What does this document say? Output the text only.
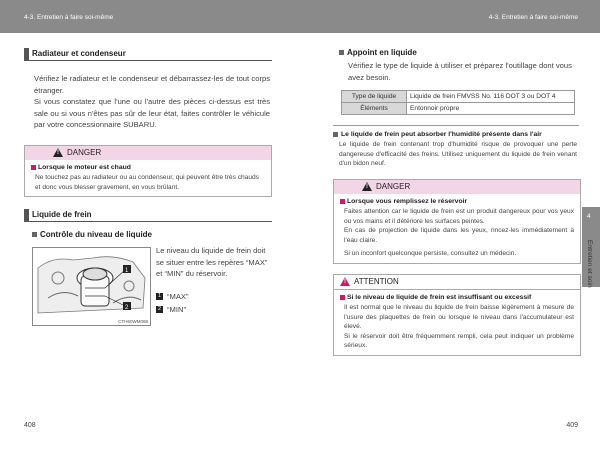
4-3. Entretien à faire soi-même	4-3. Entretien à faire soi-même
Radiateur et condenseur
Vérifiez le radiateur et le condenseur et débarrassez-les de tout corps étranger.
Si vous constatez que l'une ou l'autre des pièces ci-dessus est très sale ou si vous n'êtes pas sûr de leur état, faites contrôler le véhicule par votre concessionnaire SUBARU.
! DANGER
Lorsque le moteur est chaud
Ne touchez pas au radiateur ou au condenseur, qui peuvent être très chauds et donc vous blesser gravement, en vous brûlant.
Liquide de frein
Contrôle du niveau de liquide
1
2
CTH60WM088
Le niveau du liquide de frein doit se situer entre les repères “MAX” et “MIN” du réservoir.
1 “MAX”
2 “MIN”
408
Appoint en liquide
Vérifiez le type de liquide à utiliser et préparez l'outillage dont vous avez besoin.
Type de liquide	Liquide de frein FMVSS No. 116 DOT 3 ou DOT 4
Éléments	Entonnoir propre
Le liquide de frein peut absorber l'humidité présente dans l'air
Le liquide de frein contenant trop d'humidité risque de provoquer une perte dangereuse d'efficacité des freins. Utilisez uniquement du liquide de frein venant d'un bidon neuf.
! DANGER
Lorsque vous remplissez le réservoir
Faites attention car le liquide de frein est un produit dangereux pour vos yeux ou vos mains et il détériore les surfaces peintes.
En cas de projection de liquide dans les yeux, rincez-les immédiatement à l'eau claire.
Si un inconfort quelconque persiste, consultez un médecin.
! ATTENTION
Si le niveau de liquide de frein est insuffisant ou excessif
Il est normal que le niveau du liquide de frein baisse légèrement à mesure de l'usure des plaquettes de frein ou lorsque le niveau dans l'accumulateur est élevé.
Si le réservoir doit être fréquemment rempli, cela peut indiquer un problème sérieux.
4
Entretien et soin
409
